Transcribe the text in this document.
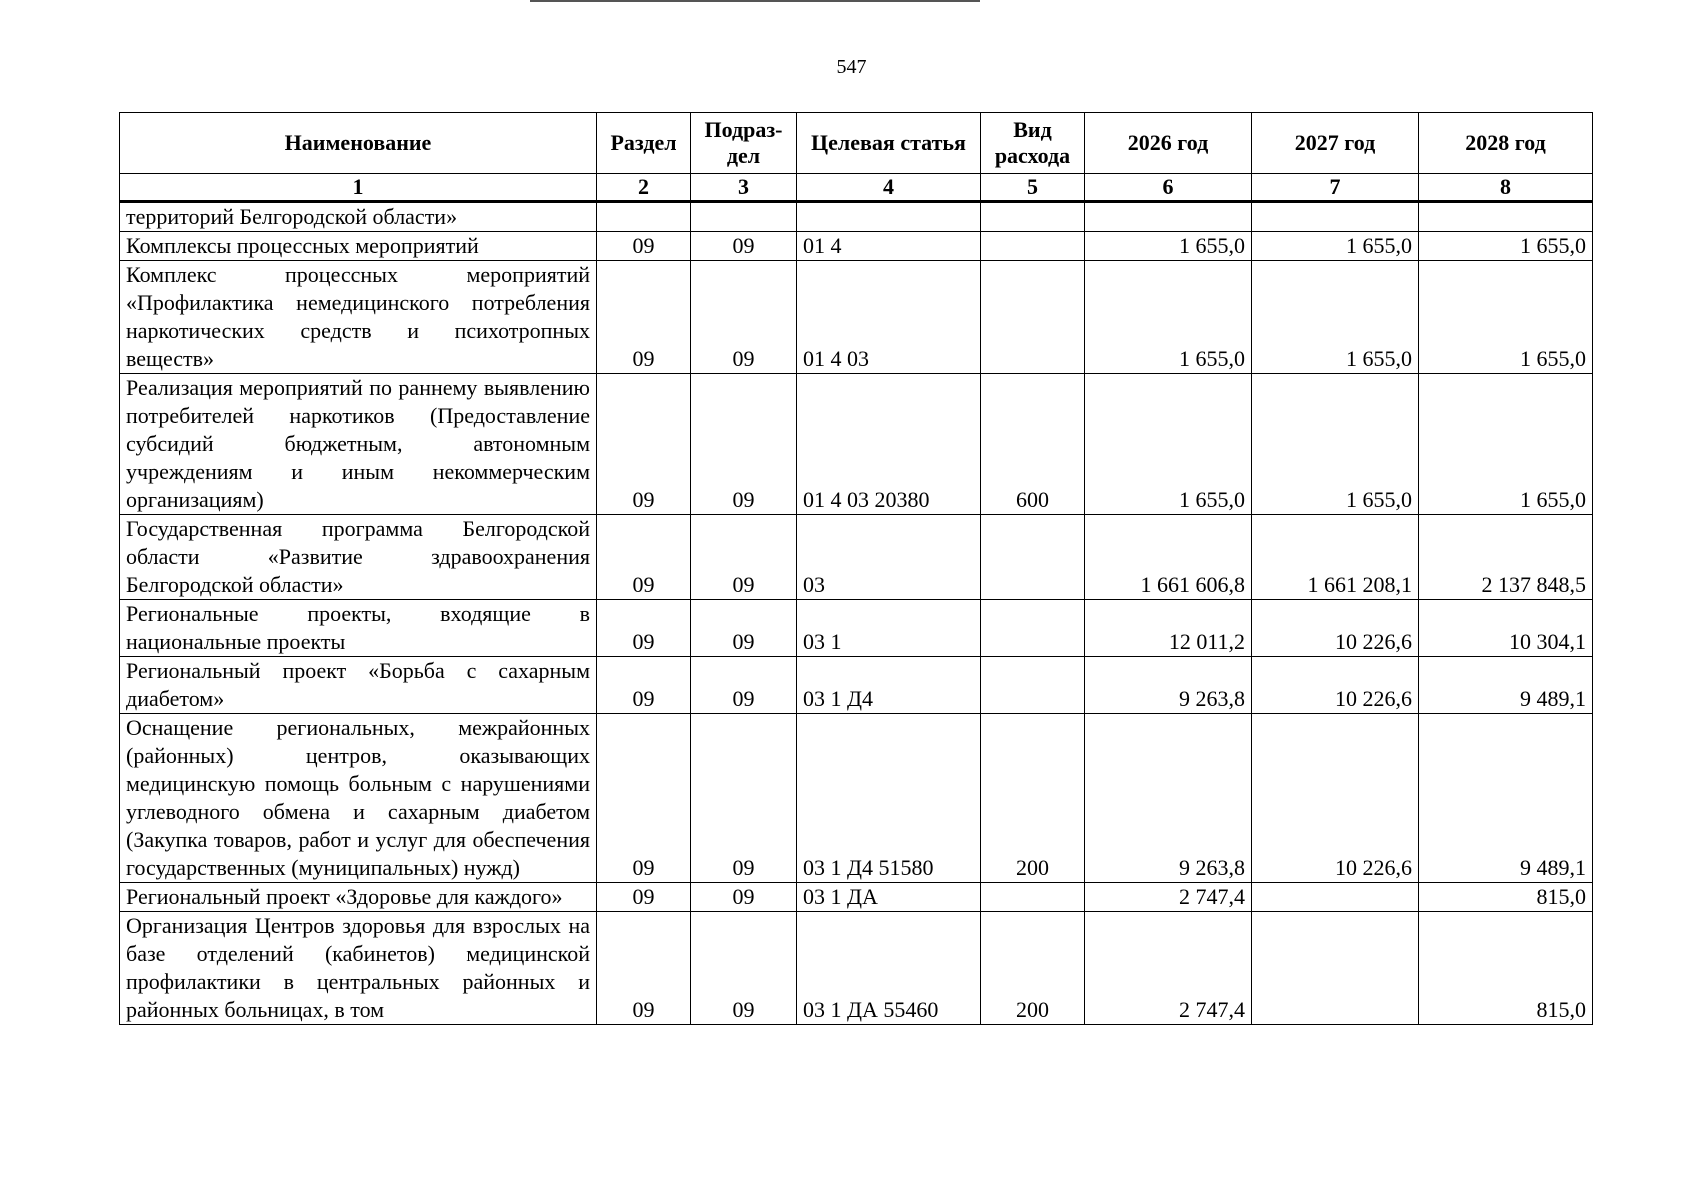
547
Наименование	Раздел	Подраз-дел	Целевая статья	Вид расхода	2026 год	2027 год	2028 год
1	2	3	4	5	6	7	8
территорий Белгородской области»							
Комплексы процессных мероприятий	09	09	01 4		1 655,0	1 655,0	1 655,0
Комплекс процессных мероприятий «Профилактика немедицинского потребления наркотических средств и психотропных веществ»	09	09	01 4 03		1 655,0	1 655,0	1 655,0
Реализация мероприятий по раннему выявлению потребителей наркотиков (Предоставление субсидий бюджетным, автономным учреждениям и иным некоммерческим организациям)	09	09	01 4 03 20380	600	1 655,0	1 655,0	1 655,0
Государственная программа Белгородской области «Развитие здравоохранения Белгородской области»	09	09	03		1 661 606,8	1 661 208,1	2 137 848,5
Региональные проекты, входящие в национальные проекты	09	09	03 1		12 011,2	10 226,6	10 304,1
Региональный проект «Борьба с сахарным диабетом»	09	09	03 1 Д4		9 263,8	10 226,6	9 489,1
Оснащение региональных, межрайонных (районных) центров, оказывающих медицинскую помощь больным с нарушениями углеводного обмена и сахарным диабетом (Закупка товаров, работ и услуг для обеспечения государственных (муниципальных) нужд)	09	09	03 1 Д4 51580	200	9 263,8	10 226,6	9 489,1
Региональный проект «Здоровье для каждого»	09	09	03 1 ДА		2 747,4		815,0
Организация Центров здоровья для взрослых на базе отделений (кабинетов) медицинской профилактики в центральных районных и районных больницах, в том	09	09	03 1 ДА 55460	200	2 747,4		815,0
